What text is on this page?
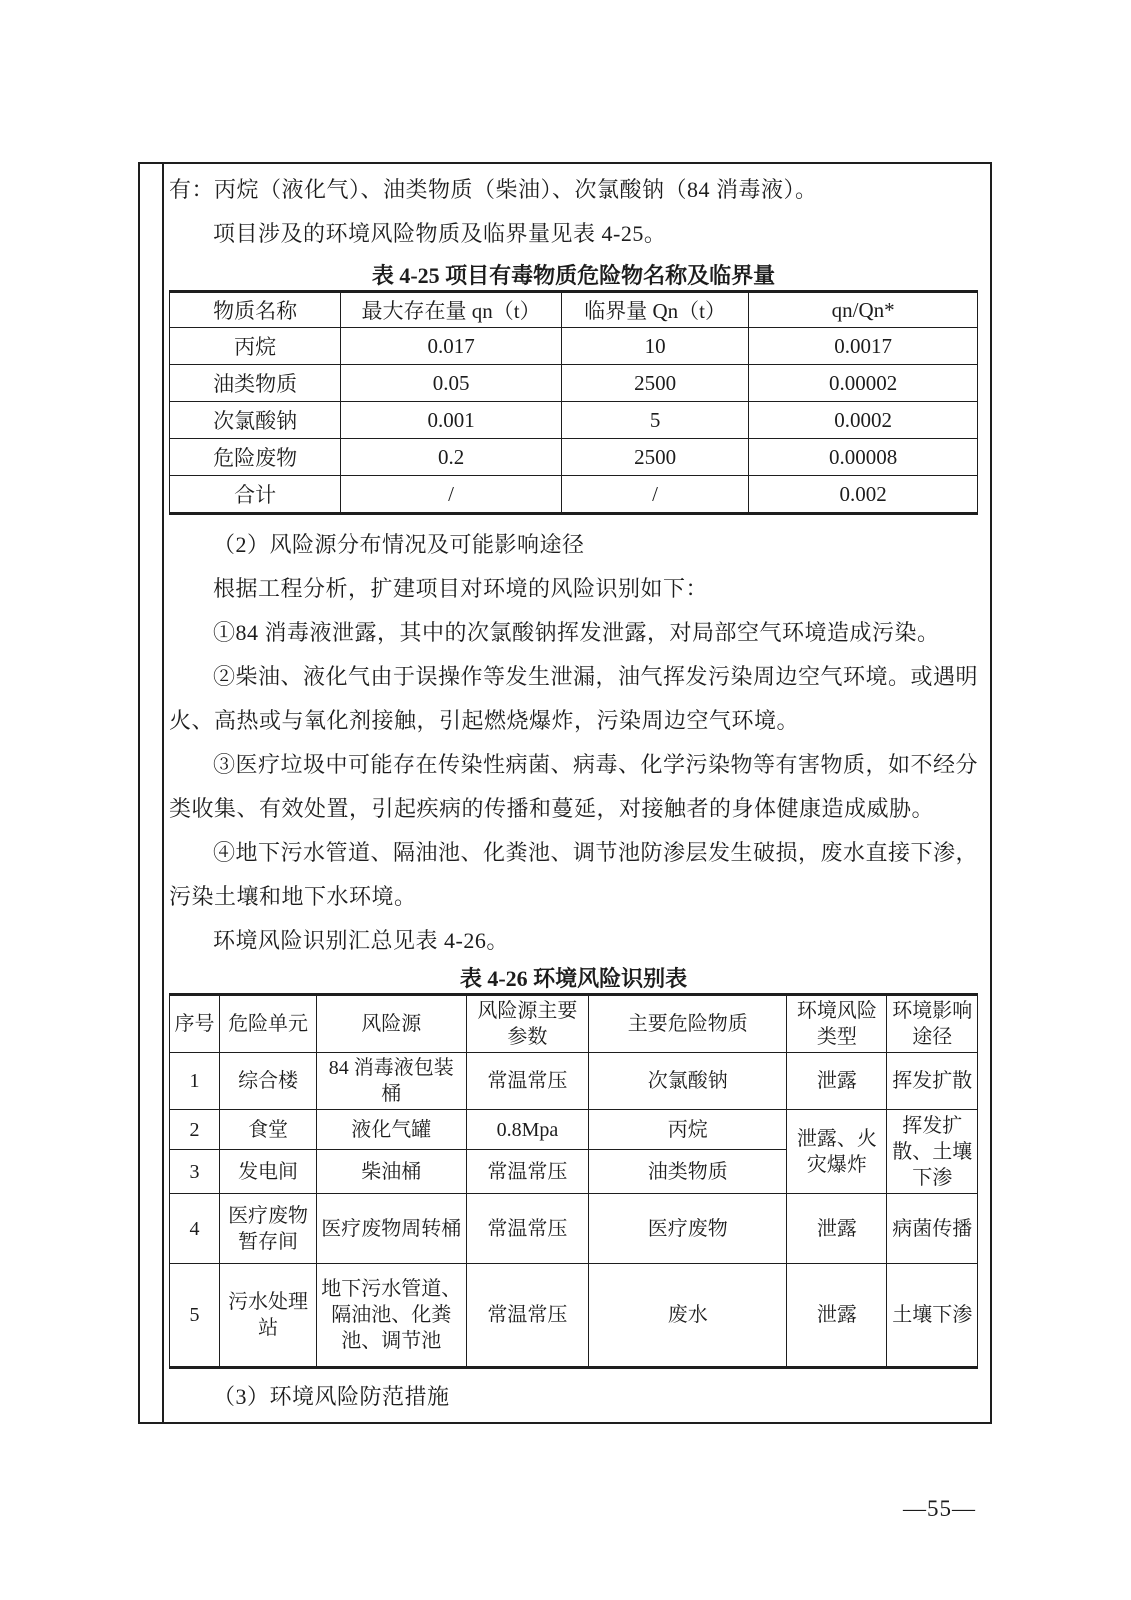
有：丙烷（液化气）、油类物质（柴油）、次氯酸钠（84 消毒液）。

项目涉及的环境风险物质及临界量见表 4-25。

表 4-25 项目有毒物质危险物名称及临界量
物质名称	最大存在量 qn（t）	临界量 Qn（t）	qn/Qn*
丙烷	0.017	10	0.0017
油类物质	0.05	2500	0.00002
次氯酸钠	0.001	5	0.0002
危险废物	0.2	2500	0.00008
合计	/	/	0.002

（2）风险源分布情况及可能影响途径

根据工程分析，扩建项目对环境的风险识别如下：

①84 消毒液泄露，其中的次氯酸钠挥发泄露，对局部空气环境造成污染。

②柴油、液化气由于误操作等发生泄漏，油气挥发污染周边空气环境。或遇明火、高热或与氧化剂接触，引起燃烧爆炸，污染周边空气环境。

③医疗垃圾中可能存在传染性病菌、病毒、化学污染物等有害物质，如不经分类收集、有效处置，引起疾病的传播和蔓延，对接触者的身体健康造成威胁。

④地下污水管道、隔油池、化粪池、调节池防渗层发生破损，废水直接下渗，污染土壤和地下水环境。

环境风险识别汇总见表 4-26。

表 4-26 环境风险识别表
序号	危险单元	风险源	风险源主要参数	主要危险物质	环境风险类型	环境影响途径
1	综合楼	84 消毒液包装桶	常温常压	次氯酸钠	泄露	挥发扩散
2	食堂	液化气罐	0.8Mpa	丙烷	泄露、火灾爆炸	挥发扩散、土壤下渗
3	发电间	柴油桶	常温常压	油类物质		
4	医疗废物暂存间	医疗废物周转桶	常温常压	医疗废物	泄露	病菌传播
5	污水处理站	地下污水管道、隔油池、化粪池、调节池	常温常压	废水	泄露	土壤下渗

（3）环境风险防范措施

—55—
